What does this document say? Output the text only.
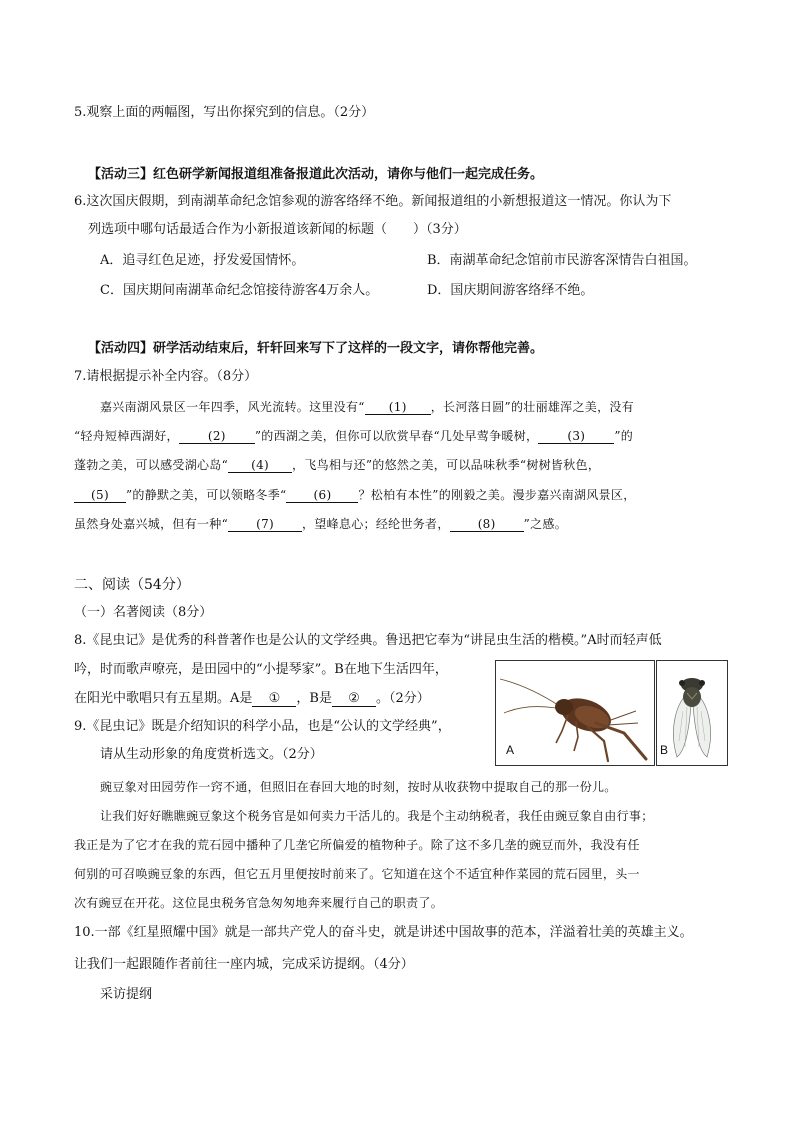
5.观察上面的两幅图，写出你探究到的信息。（2分）
【活动三】红色研学新闻报道组准备报道此次活动，请你与他们一起完成任务。
6.这次国庆假期，到南湖革命纪念馆参观的游客络绎不绝。新闻报道组的小新想报道这一情况。你认为下
列选项中哪句话最适合作为小新报道该新闻的标题（　　）（3分）
A．追寻红色足迹，抒发爱国情怀。	B．南湖革命纪念馆前市民游客深情告白祖国。
C．国庆期间南湖革命纪念馆接待游客4万余人。	D．国庆期间游客络绎不绝。
【活动四】研学活动结束后，轩轩回来写下了这样的一段文字，请你帮他完善。
7.请根据提示补全内容。（8分）
嘉兴南湖风景区一年四季，风光流转。这里没有“ (1) ，长河落日圆”的壮丽雄浑之美，没有
“轻舟短棹西湖好， (2) ”的西湖之美，但你可以欣赏早春“几处早莺争暖树， (3) ”的
蓬勃之美，可以感受湖心岛“ (4) ，飞鸟相与还”的悠然之美，可以品味秋季“树树皆秋色，
(5) ”的静默之美，可以领略冬季“ (6) ？松柏有本性”的刚毅之美。漫步嘉兴南湖风景区，
虽然身处嘉兴城，但有一种“ (7) ，望峰息心；经纶世务者， (8) ”之感。
二、阅读（54分）
（一）名著阅读（8分）
8.《昆虫记》是优秀的科普著作也是公认的文学经典。鲁迅把它奉为“讲昆虫生活的楷模。”A时而轻声低
吟，时而歌声嘹亮，是田园中的“小提琴家”。B在地下生活四年，
在阳光中歌唱只有五星期。A是 ① ，B是 ② 。（2分）
9.《昆虫记》既是介绍知识的科学小品，也是“公认的文学经典”，
请从生动形象的角度赏析选文。（2分）	A	B
豌豆象对田园劳作一窍不通，但照旧在春回大地的时刻，按时从收获物中提取自己的那一份儿。
让我们好好瞧瞧豌豆象这个税务官是如何卖力干活儿的。我是个主动纳税者，我任由豌豆象自由行事；
我正是为了它才在我的荒石园中播种了几垄它所偏爱的植物种子。除了这不多几垄的豌豆而外，我没有任
何别的可召唤豌豆象的东西，但它五月里便按时前来了。它知道在这个不适宜种作菜园的荒石园里，头一
次有豌豆在开花。这位昆虫税务官急匆匆地奔来履行自己的职责了。
10.一部《红星照耀中国》就是一部共产党人的奋斗史，就是讲述中国故事的范本，洋溢着壮美的英雄主义。
让我们一起跟随作者前往一座内城，完成采访提纲。（4分）
采访提纲
